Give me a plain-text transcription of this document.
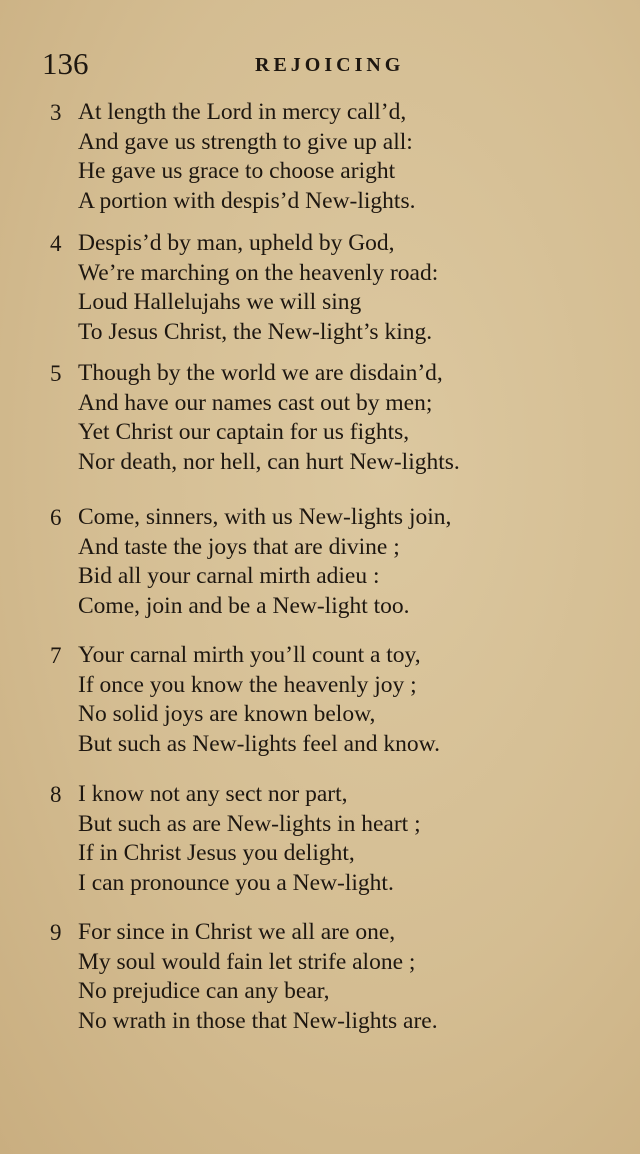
136	REJOICING
3 At length the Lord in mercy call’d,
And gave us strength to give up all:
He gave us grace to choose aright
A portion with despis’d New-lights.
4 Despis’d by man, upheld by God,
We’re marching on the heavenly road:
Loud Hallelujahs we will sing
To Jesus Christ, the New-light’s king.
5 Though by the world we are disdain’d,
And have our names cast out by men;
Yet Christ our captain for us fights,
Nor death, nor hell, can hurt New-lights.
6 Come, sinners, with us New-lights join,
And taste the joys that are divine ;
Bid all your carnal mirth adieu :
Come, join and be a New-light too.
7 Your carnal mirth you’ll count a toy,
If once you know the heavenly joy ;
No solid joys are known below,
But such as New-lights feel and know.
8 I know not any sect nor part,
But such as are New-lights in heart ;
If in Christ Jesus you delight,
I can pronounce you a New-light.
9 For since in Christ we all are one,
My soul would fain let strife alone ;
No prejudice can any bear,
No wrath in those that New-lights are.
